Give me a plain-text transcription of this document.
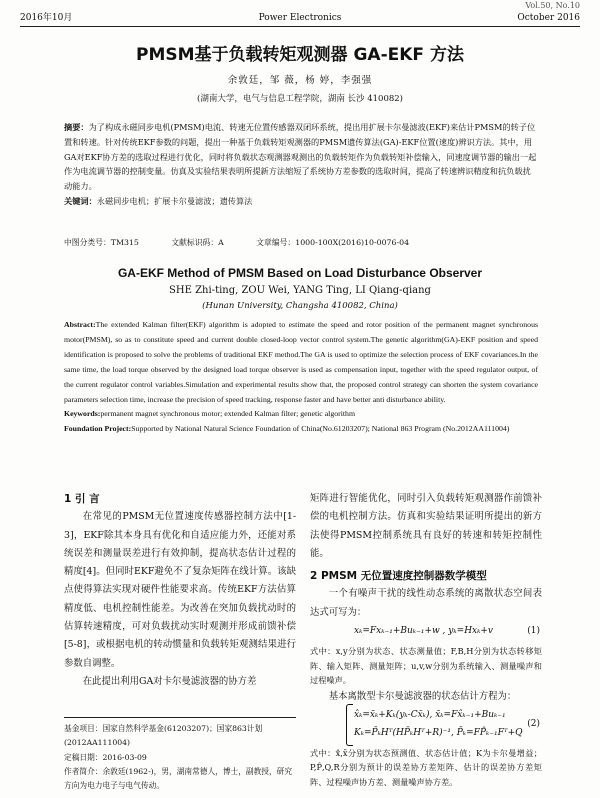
2016年10月	Power Electronics	October 2016
Vol.50, No.10
PMSM基于负载转矩观测器 GA-EKF 方法
余敦廷，邹 薇，杨 婷，李强强
(湖南大学，电气与信息工程学院，湖南 长沙 410082)
摘要：为了构成永磁同步电机(PMSM)电流、转速无位置传感器双闭环系统，提出用扩展卡尔曼滤波(EKF)来估计PMSM的转子位置和转速。针对传统EKF参数的问题，提出一种基于负载转矩观测器的PMSM遗传算法(GA)-EKF位置(速度)辨识方法。其中，用GA对EKF协方差的选取过程进行优化，同时将负载状态观测器观测出的负载转矩作为负载转矩补偿输入，同速度调节器的输出一起作为电流调节器的控制变量。仿真及实验结果表明所提新方法缩短了系统协方差参数的选取时间，提高了转速辨识精度和抗负载扰动能力。
关键词：永磁同步电机；扩展卡尔曼滤波；遗传算法
中图分类号：TM315	文献标识码：A	文章编号：1000-100X(2016)10-0076-04
GA-EKF Method of PMSM Based on Load Disturbance Observer
SHE Zhi-ting, ZOU Wei, YANG Ting, LI Qiang-qiang
(Hunan University, Changsha 410082, China)
Abstract:The extended Kalman filter(EKF) algorithm is adopted to estimate the speed and rotor position of the permanent magnet synchronous motor(PMSM), so as to constitute speed and current double closed-loop vector control system.The genetic algorithm(GA)-EKF position and speed identification is proposed to solve the problems of traditional EKF method.The GA is used to optimize the selection process of EKF covariances.In the same time, the load torque observed by the designed load torque observer is used as compensation input, together with the speed regulator output, of the current regulator control variables.Simulation and experimental results show that, the proposed control strategy can shorten the system covariance parameters selection time, increase the precision of speed tracking, response faster and have better anti disturbance ability.
Keywords:permanent magnet synchronous motor; extended Kalman filter; genetic algorithm
Foundation Project:Supported by National Natural Science Foundation of China(No.61203207); National 863 Program (No.2012AA111004)
1 引 言
在常见的PMSM无位置速度传感器控制方法中[1-3]，EKF除其本身具有优化和自适应能力外，还能对系统误差和测量误差进行有效抑制，提高状态估计过程的精度[4]。但同时EKF避免不了复杂矩阵在线计算。该缺点使得算法实现对硬件性能要求高。传统EKF方法估算精度低、电机控制性能差。为改善在突加负载扰动时的估算转速精度，可对负载扰动实时观测并形成前馈补偿[5-8]，或根据电机的转动惯量和负载转矩观测结果进行参数自调整。
在此提出利用GA对卡尔曼滤波器的协方差
矩阵进行智能优化，同时引入负载转矩观测器作前馈补偿的电机控制方法。仿真和实验结果证明所提出的新方法使得PMSM控制系统具有良好的转速和转矩控制性能。
2 PMSM 无位置速度控制器数学模型
一个有噪声干扰的线性动态系统的离散状态空间表达式可写为：
xₖ=Fxₖ₋₁+Buₖ₋₁+w , yₖ=Hxₖ+v	(1)
式中：x,y分别为状态、状态测量值；F,B,H分别为状态转移矩阵、输入矩阵、测量矩阵；u,v,w分别为系统输入、测量噪声和过程噪声。
基本离散型卡尔曼滤波器的状态估计方程为：
x̂ₖ=x̄ₖ+Kₖ(yₖ-Cx̄ₖ), x̄ₖ=Fx̂ₖ₋₁+Buₖ₋₁
Kₖ=P̄ₖHᵀ(HP̄ₖHᵀ+R)⁻¹, P̄ₖ=FP̂ₖ₋₁Fᵀ+Q
(2)
式中：x̂,x̄分别为状态预测值、状态估计值；K为卡尔曼增益；P,P̂,Q,R分别为预计的误差协方差矩阵、估计的误差协方差矩阵、过程噪声协方差、测量噪声协方差。
基金项目：国家自然科学基金(61203207)；国家863计划(2012AA111004)
定稿日期：2016-03-09
作者简介：余敦廷(1962-)，男，湖南常德人，博士，副教授，研究方向为电力电子与电气传动。
